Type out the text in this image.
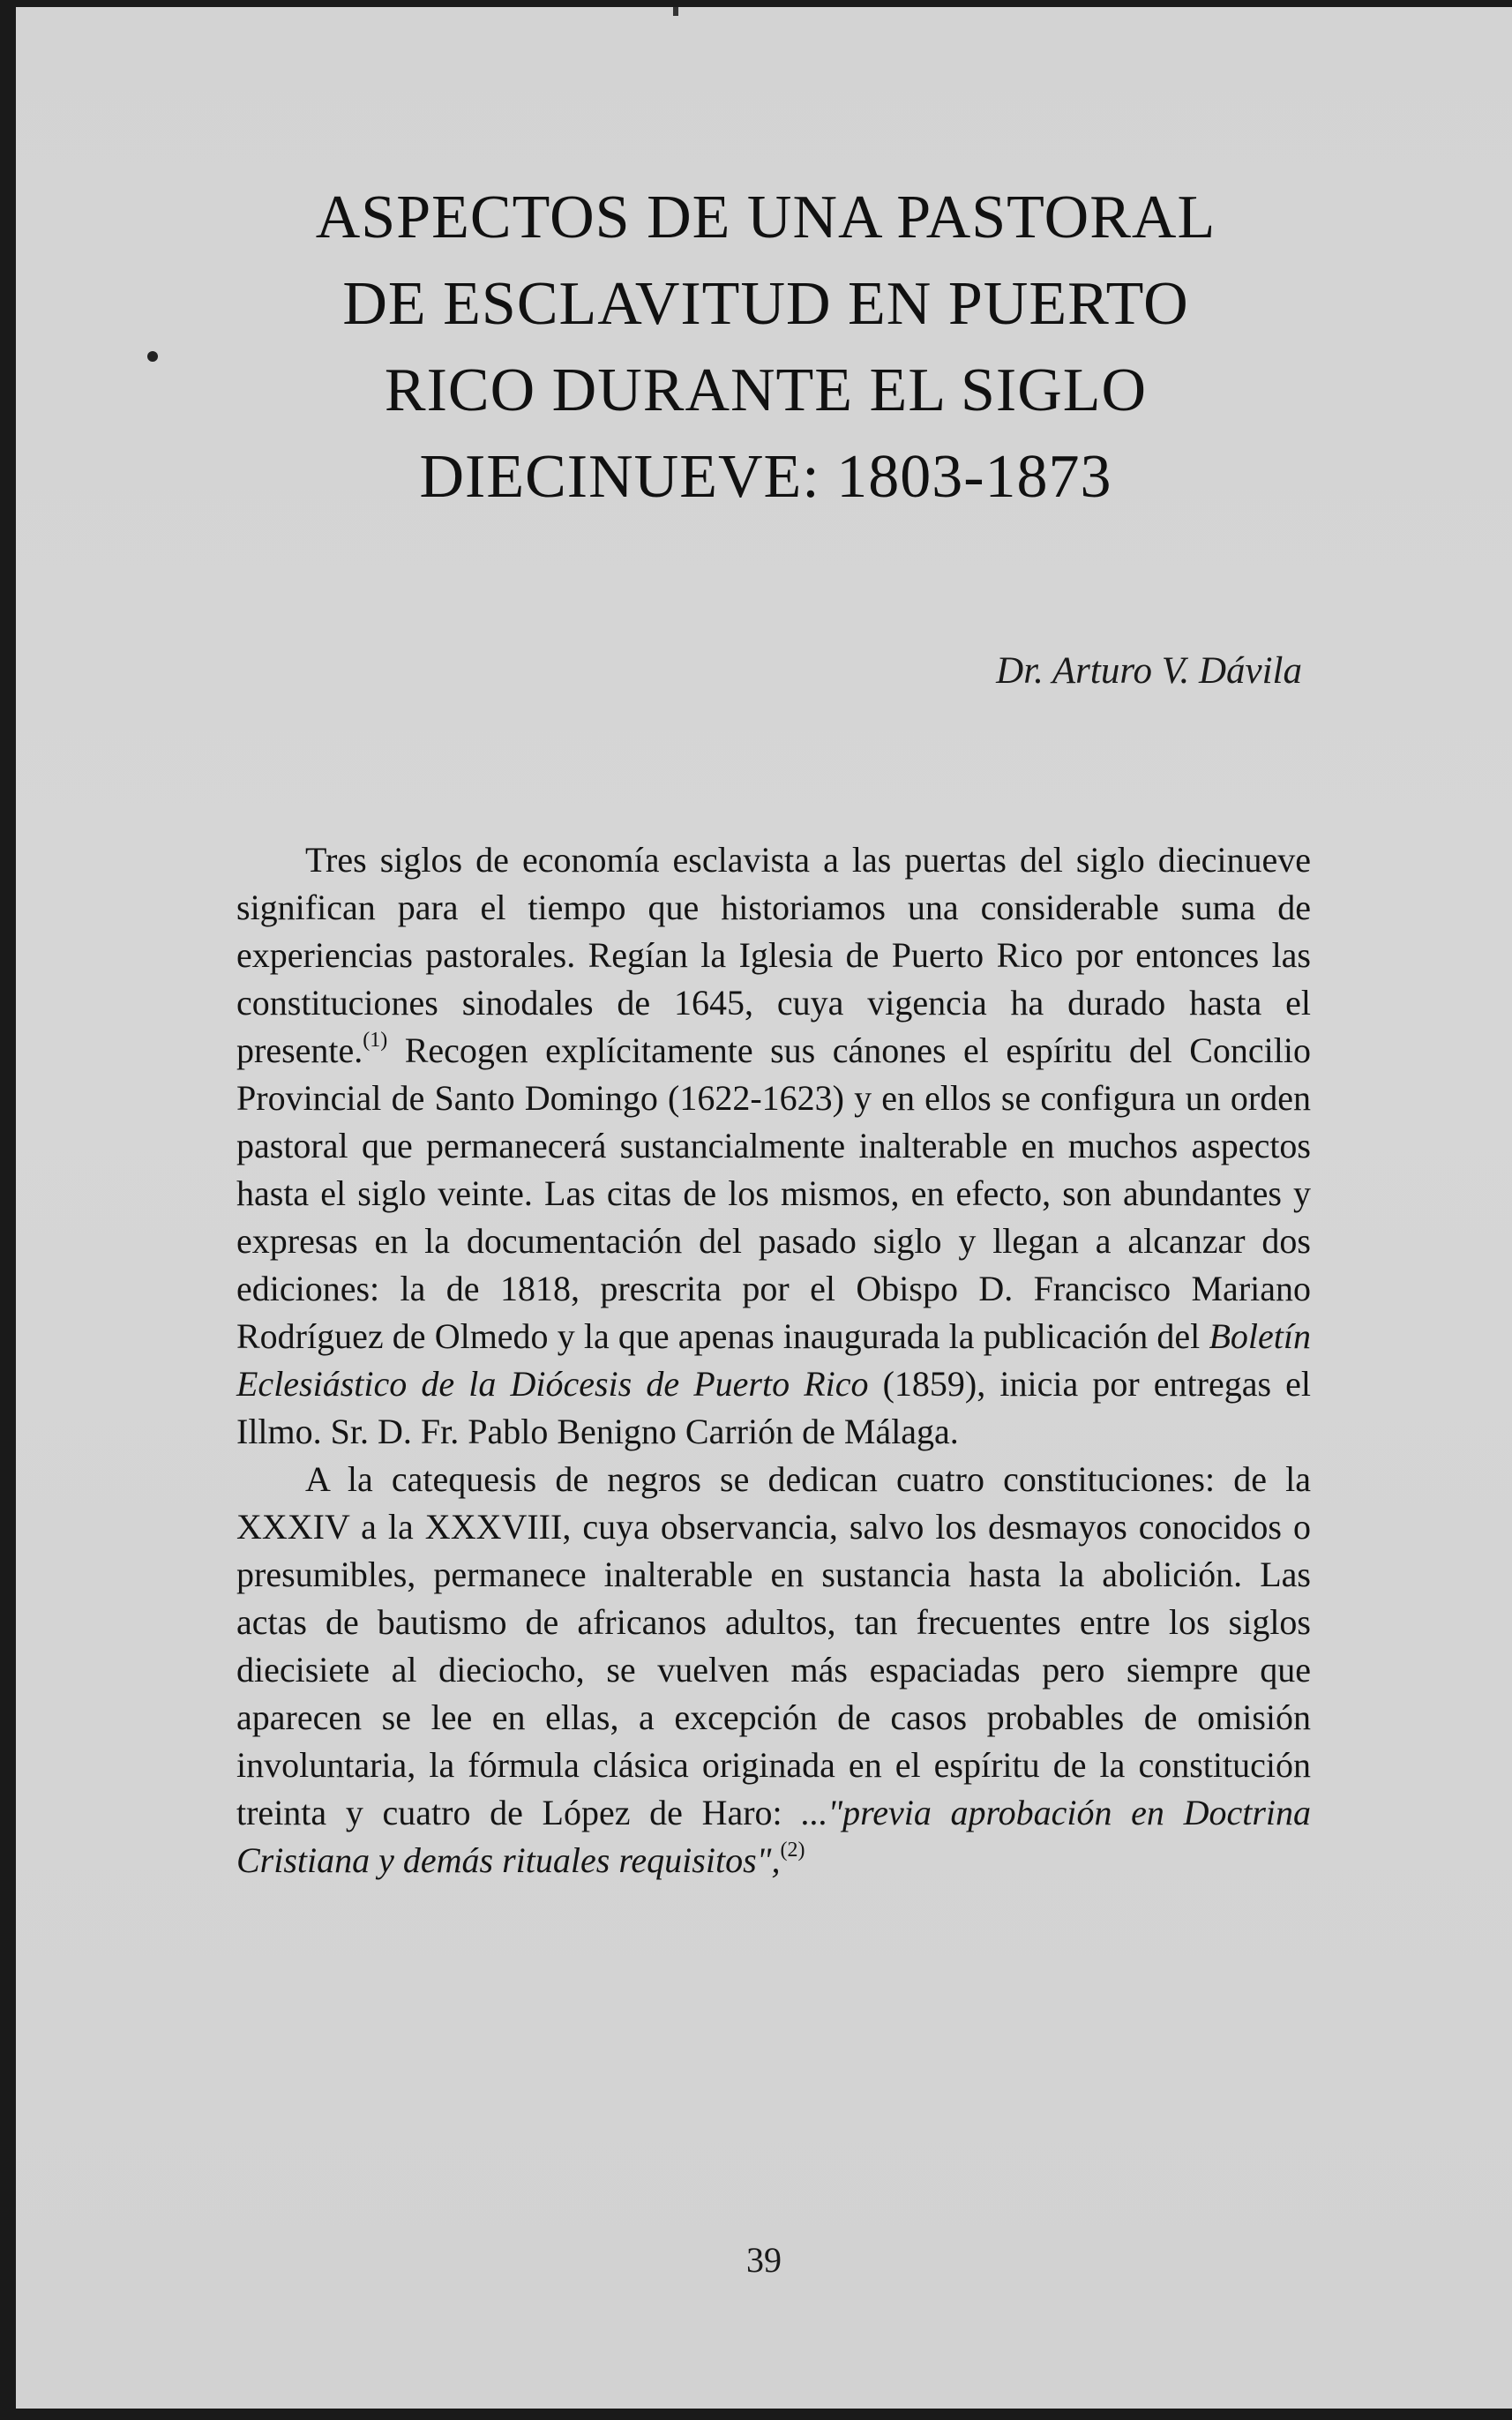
ASPECTOS DE UNA PASTORAL
DE ESCLAVITUD EN PUERTO
RICO DURANTE EL SIGLO
DIECINUEVE: 1803-1873
Dr. Arturo V. Dávila

Tres siglos de economía esclavista a las puertas del siglo diecinueve significan para el tiempo que historiamos una considerable suma de experiencias pastorales. Regían la Iglesia de Puerto Rico por entonces las constituciones sinodales de 1645, cuya vigencia ha durado hasta el presente.$^{(1)}$ Recogen explícitamente sus cánones el espíritu del Concilio Provincial de Santo Domingo (1622-1623) y en ellos se configura un orden pastoral que permanecerá sustancialmente inalterable en muchos aspectos hasta el siglo veinte. Las citas de los mismos, en efecto, son abundantes y expresas en la documentación del pasado siglo y llegan a alcanzar dos ediciones: la de 1818, prescrita por el Obispo D. Francisco Mariano Rodríguez de Olmedo y la que apenas inaugurada la publicación del Boletín Eclesiástico de la Diócesis de Puerto Rico (1859), inicia por entregas el Illmo. Sr. D. Fr. Pablo Benigno Carrión de Málaga.

A la catequesis de negros se dedican cuatro constituciones: de la XXXIV a la XXXVIII, cuya observancia, salvo los desmayos conocidos o presumibles, permanece inalterable en sustancia hasta la abolición. Las actas de bautismo de africanos adultos, tan frecuentes entre los siglos diecisiete al dieciocho, se vuelven más espaciadas pero siempre que aparecen se lee en ellas, a excepción de casos probables de omisión involuntaria, la fórmula clásica originada en el espíritu de la constitución treinta y cuatro de López de Haro: ..."previa aprobación en Doctrina Cristiana y demás rituales requisitos",$^{(2)}$

39
